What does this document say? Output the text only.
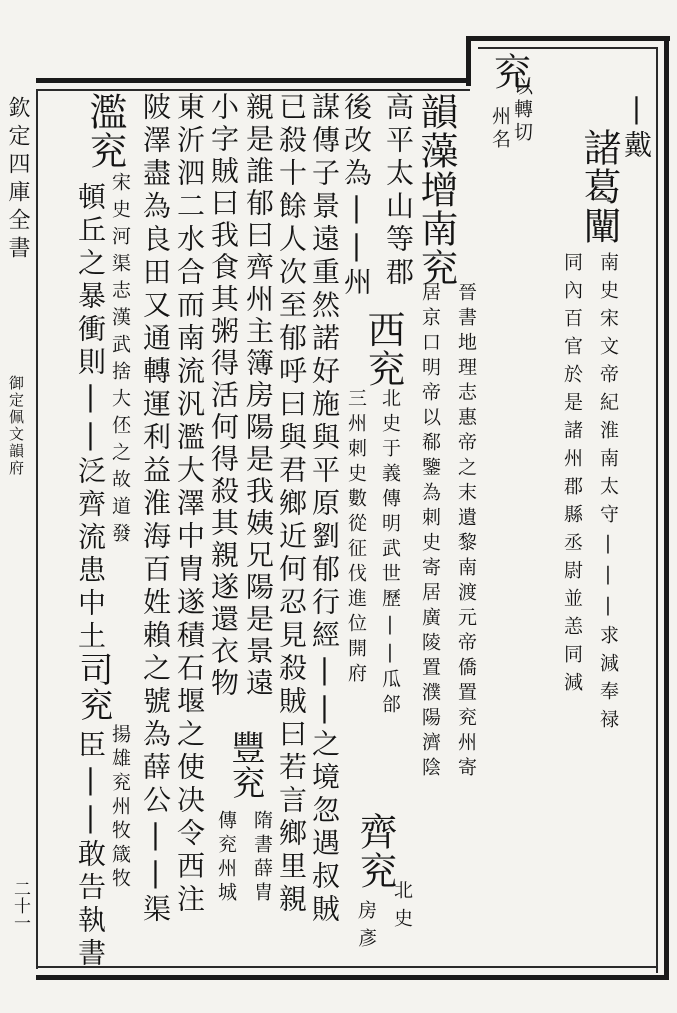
欽定四庫全書
御定佩文韻府
二十一
兖
以轉切
州名	|戴
諸葛闡
南史宋文帝紀淮南太守|||求減奉禄
同內百官於是諸州郡縣丞尉並恙同減
韻藻增南兖
晉書地理志惠帝之末遺黎南渡元帝僑置兖州寄
居京口明帝以郗鑒為刺史寄居廣陵置濮陽濟陰
高平太山等郡
西兖
北史于義傳明武世歷||瓜郃
後改為||州
三州刺史數從征伐進位開府
齊兖
北史
謀傳子景遠重然諾好施與平原劉郁行經||之境忽遇叔賊
房彥
已殺十餘人次至郁呼曰與君鄉近何忍見殺賊曰若言鄉里親
親是誰郁曰齊州主簿房陽是我姨兄陽是景遠
豐兖
隋書薛胄
小字賊曰我食其粥得活何得殺其親遂還衣物
傳兖州城
東沂泗二水合而南流汎濫大澤中胄遂積石堰之使决令西注
陂澤盡為良田又通轉運利益淮海百姓賴之號為薛公||渠
濫兖
宋史河渠志漢武捨大伾之故道發
頓丘之暴衝則||泛齊流患中土
司兖
揚雄兖州牧箴牧
臣||敢告執書
